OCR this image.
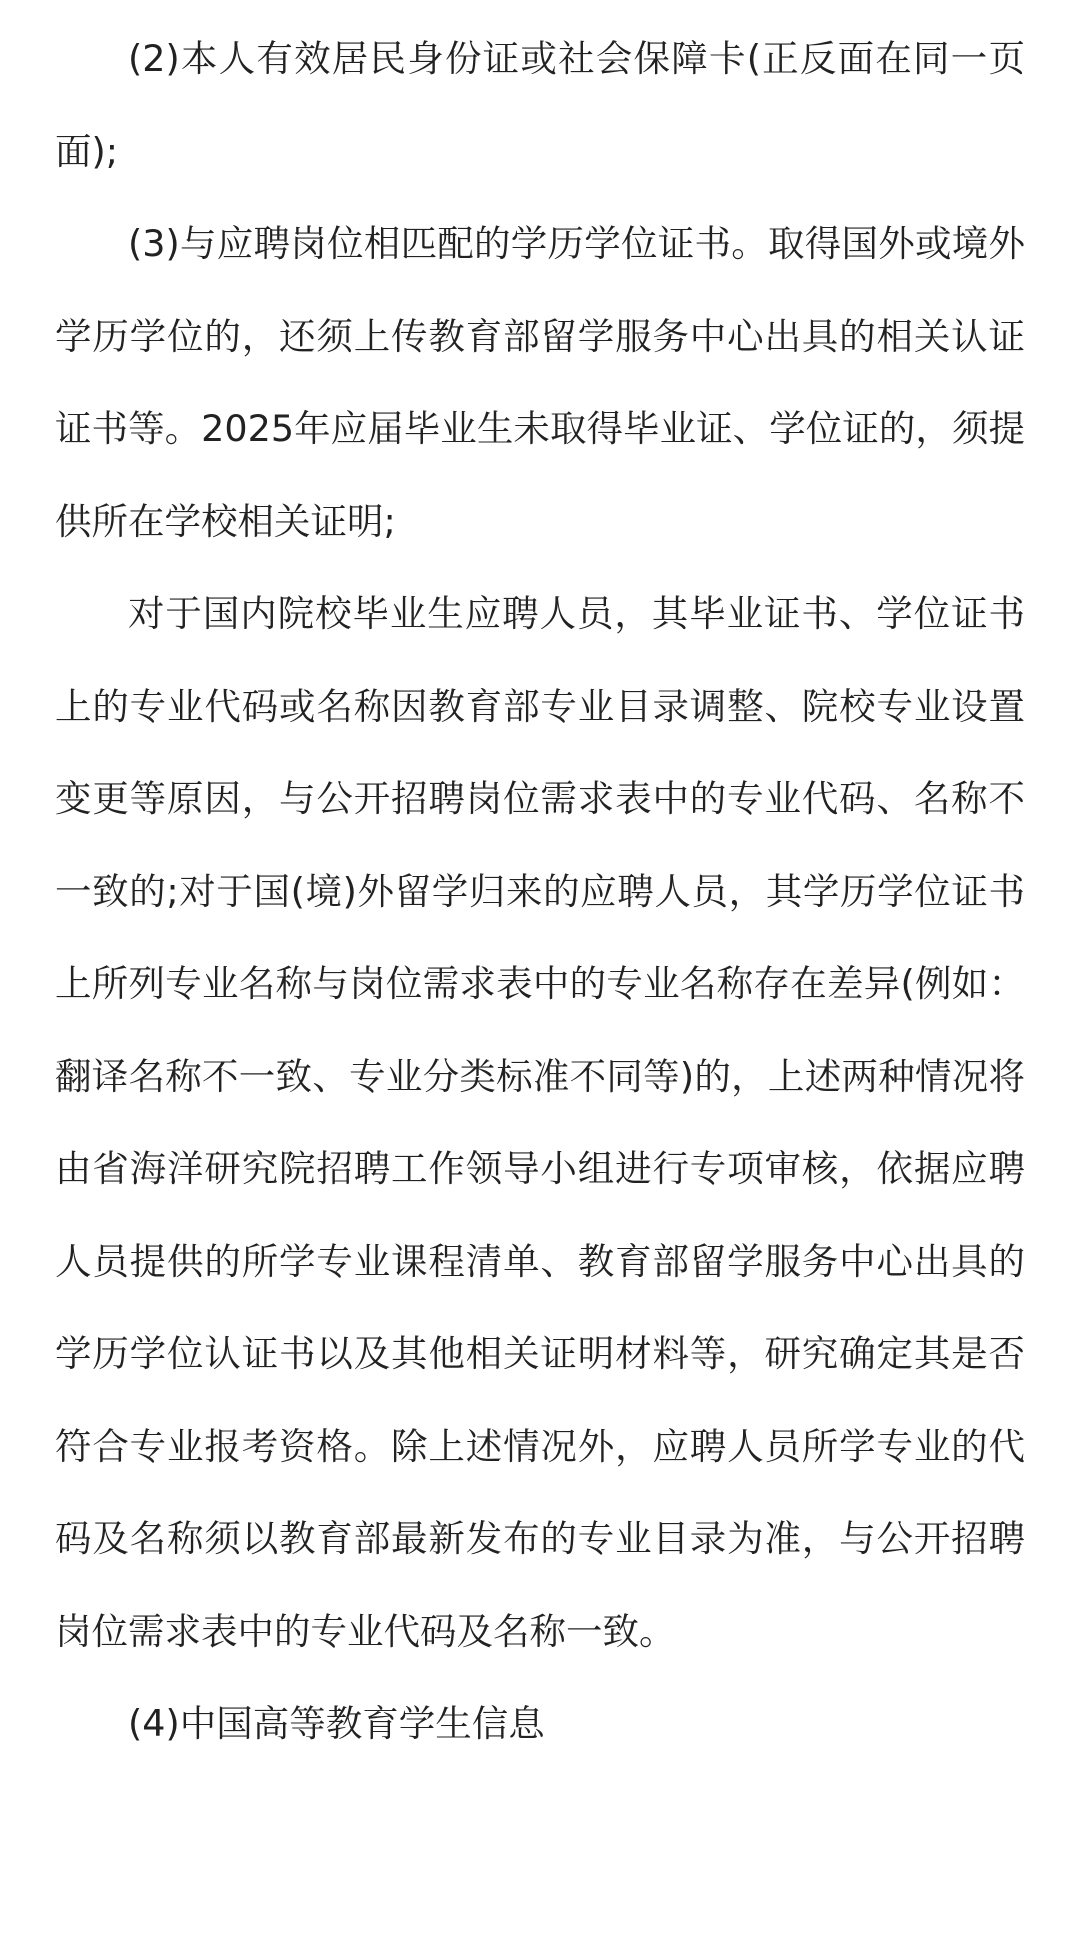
(2)本人有效居民身份证或社会保障卡(正反面在同一页面);

(3)与应聘岗位相匹配的学历学位证书。取得国外或境外学历学位的，还须上传教育部留学服务中心出具的相关认证证书等。2025年应届毕业生未取得毕业证、学位证的，须提供所在学校相关证明;

对于国内院校毕业生应聘人员，其毕业证书、学位证书上的专业代码或名称因教育部专业目录调整、院校专业设置变更等原因，与公开招聘岗位需求表中的专业代码、名称不一致的;对于国(境)外留学归来的应聘人员，其学历学位证书上所列专业名称与岗位需求表中的专业名称存在差异(例如：翻译名称不一致、专业分类标准不同等)的，上述两种情况将由省海洋研究院招聘工作领导小组进行专项审核，依据应聘人员提供的所学专业课程清单、教育部留学服务中心出具的学历学位认证书以及其他相关证明材料等，研究确定其是否符合专业报考资格。除上述情况外，应聘人员所学专业的代码及名称须以教育部最新发布的专业目录为准，与公开招聘岗位需求表中的专业代码及名称一致。

(4)中国高等教育学生信息
